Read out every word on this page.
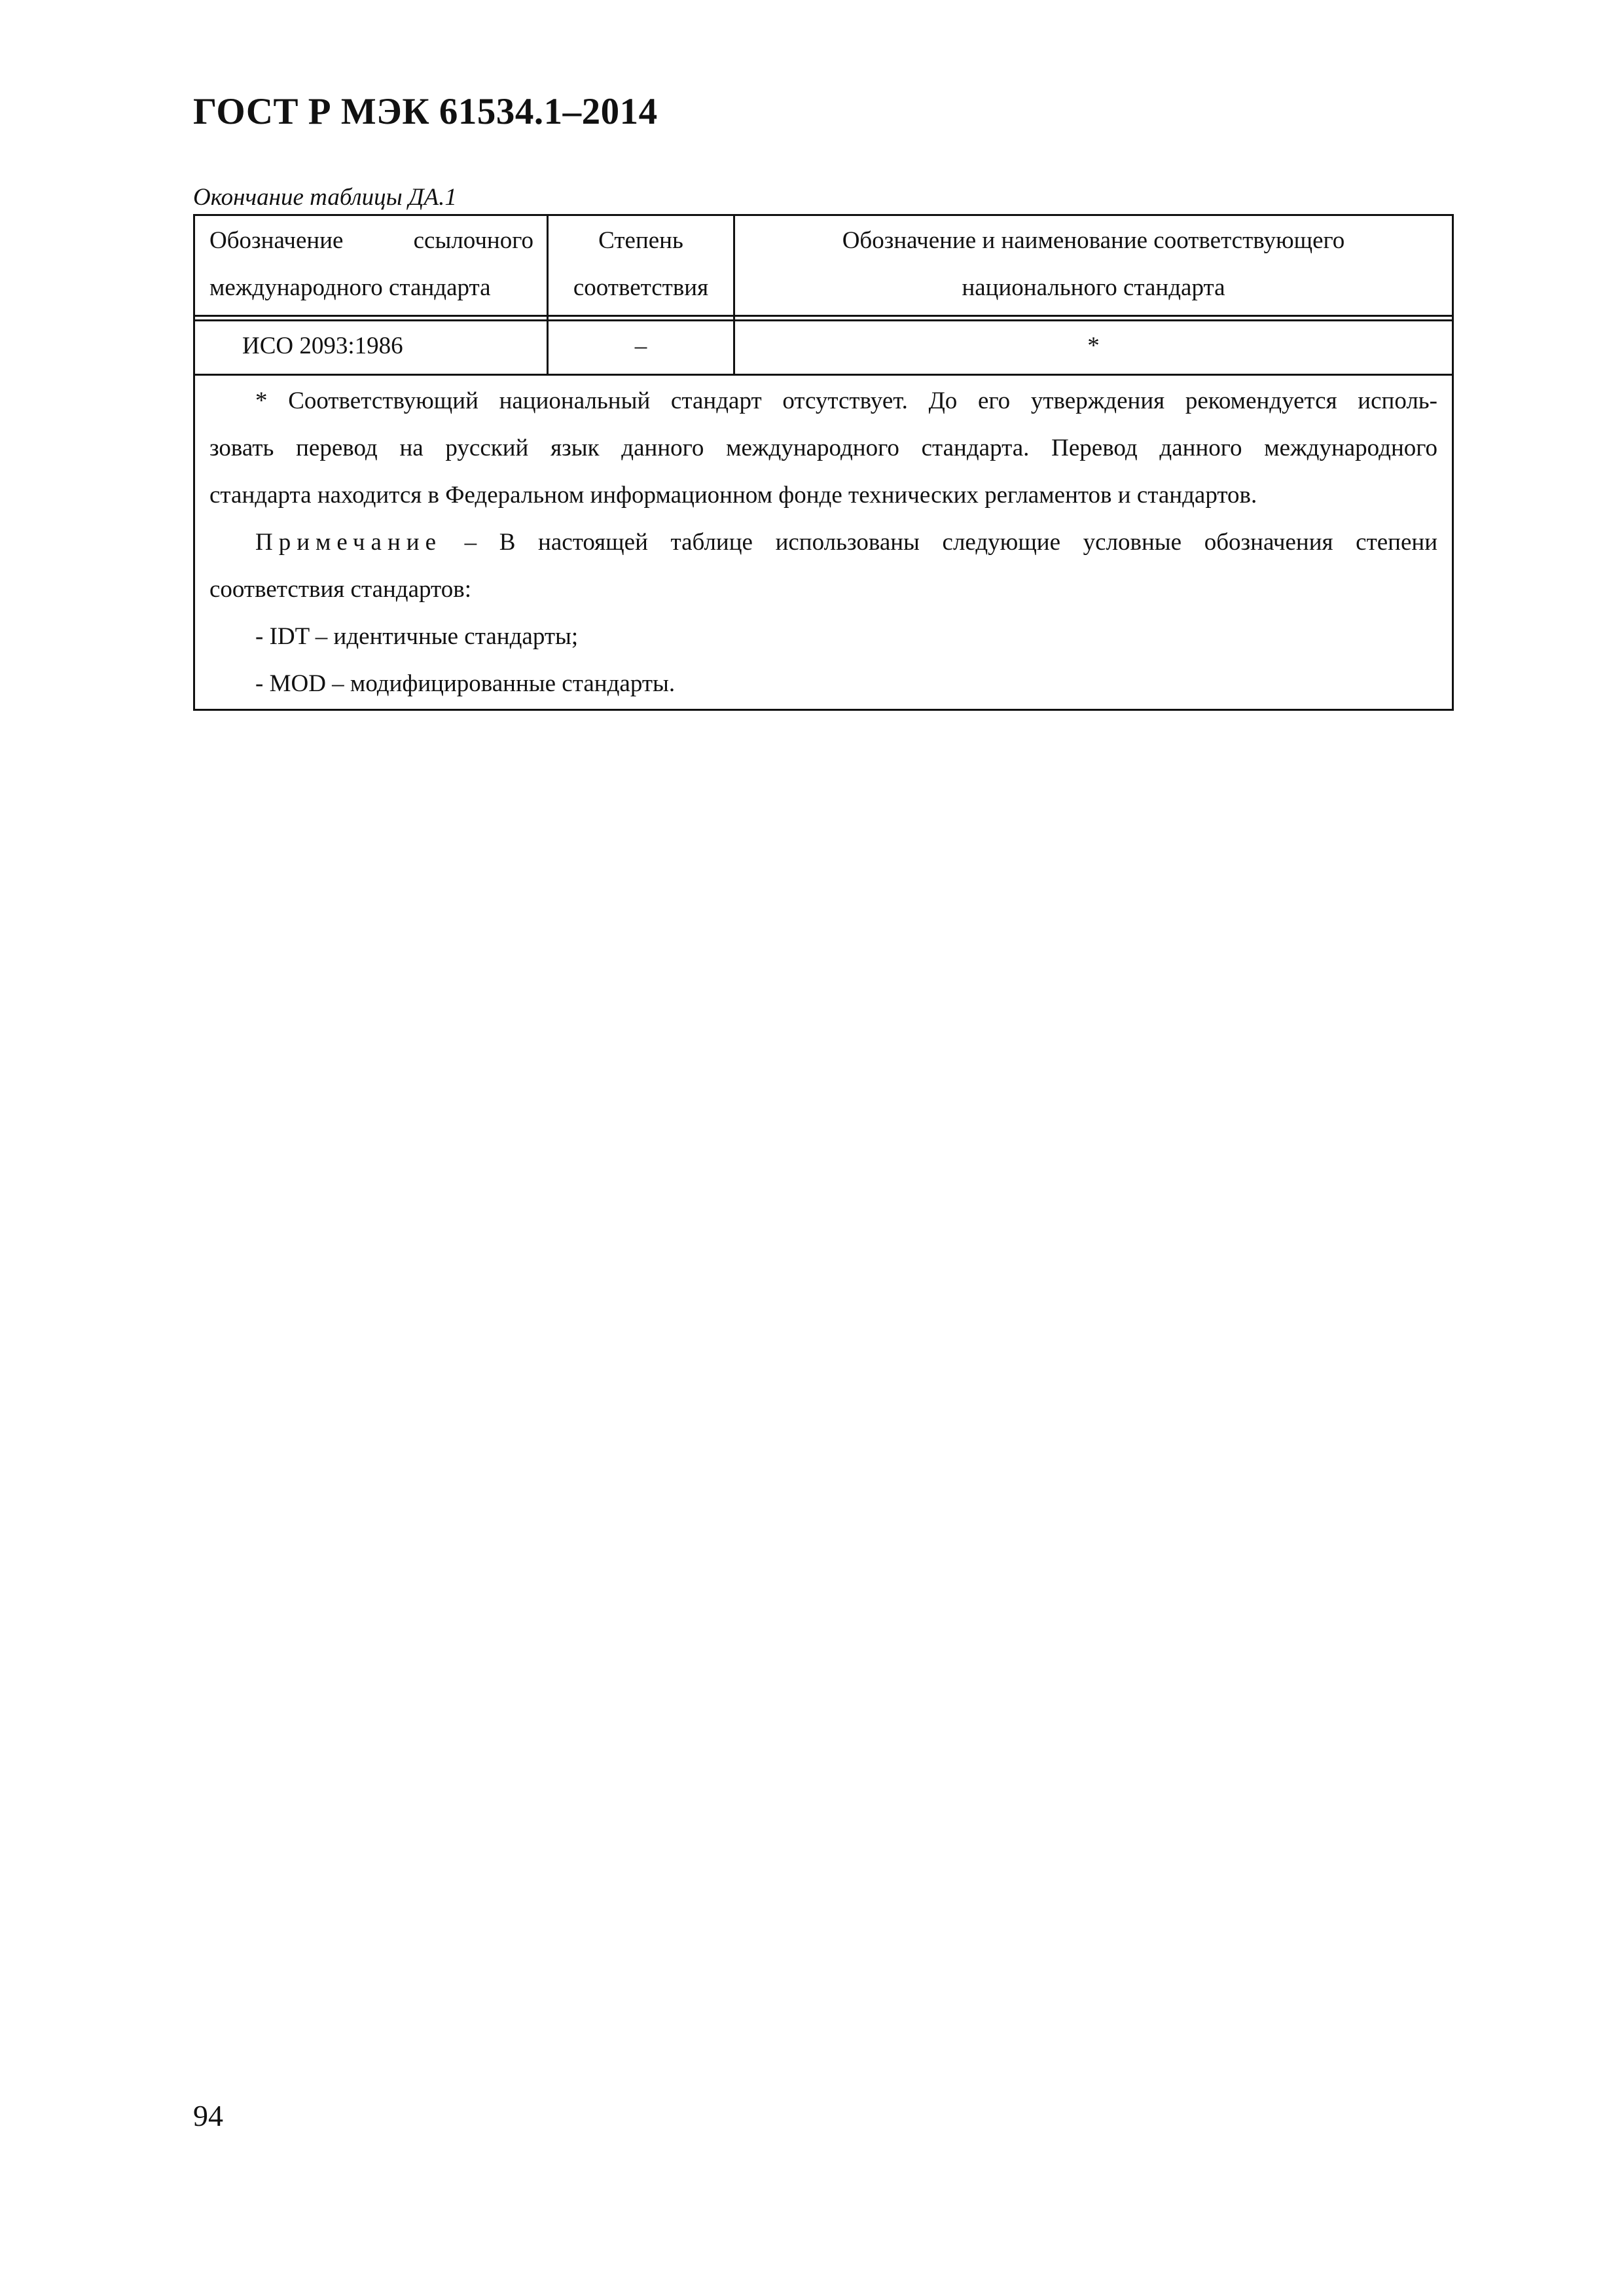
ГОСТ Р МЭК 61534.1–2014
Окончание таблицы ДА.1
Обозначение ссылочного
международного стандарта
Степень
соответствия
Обозначение и наименование соответствующего
национального стандарта
ИСО 2093:1986	–	*
* Соответствующий национальный стандарт отсутствует. До его утверждения рекомендуется исполь-
зовать перевод на русский язык данного международного стандарта. Перевод данного международного
стандарта находится в Федеральном информационном фонде технических регламентов и стандартов.
Примечание – В настоящей таблице использованы следующие условные обозначения степени
соответствия стандартов:
- IDT – идентичные стандарты;
- MOD – модифицированные стандарты.
94
